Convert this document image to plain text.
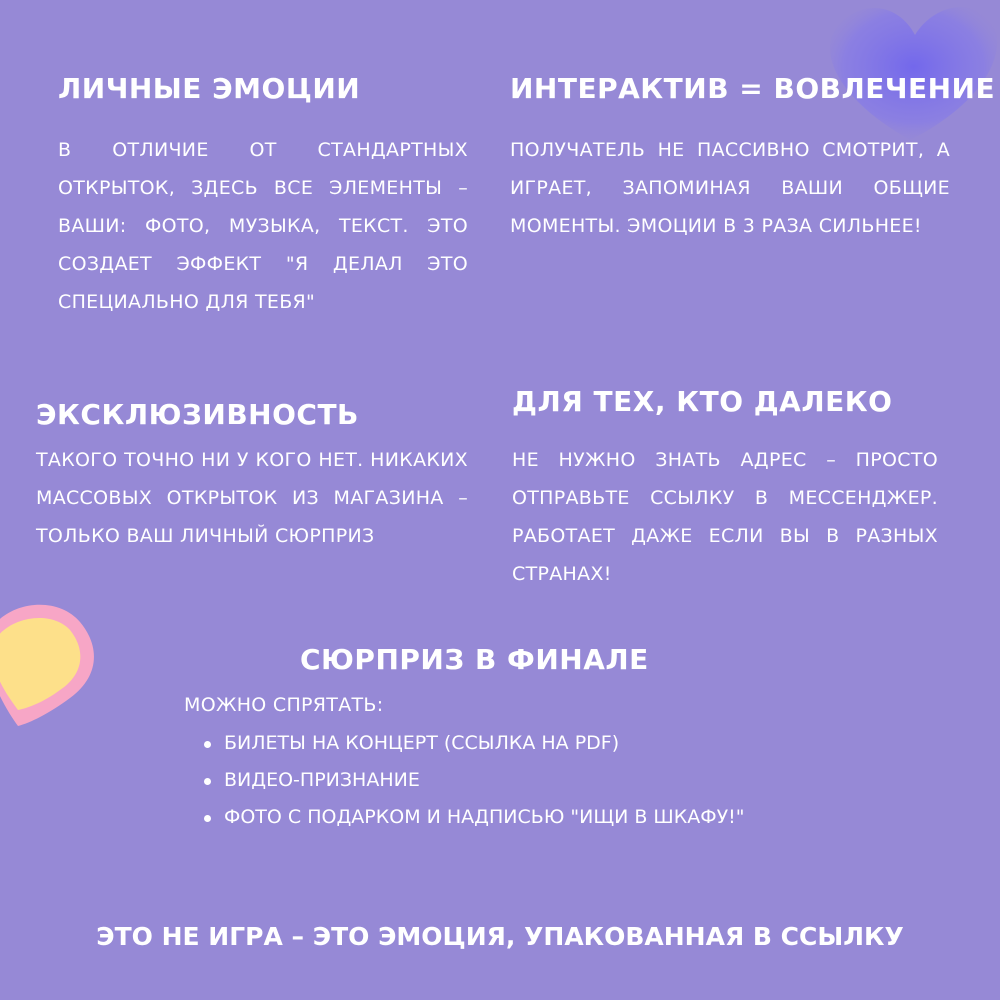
ЛИЧНЫЕ ЭМОЦИИ
В ОТЛИЧИЕ ОТ СТАНДАРТНЫХ ОТКРЫТОК, ЗДЕСЬ ВСЕ ЭЛЕМЕНТЫ – ВАШИ: ФОТО, МУЗЫКА, ТЕКСТ. ЭТО СОЗДАЕТ ЭФФЕКТ "Я ДЕЛАЛ ЭТО СПЕЦИАЛЬНО ДЛЯ ТЕБЯ"
ИНТЕРАКТИВ = ВОВЛЕЧЕНИЕ
ПОЛУЧАТЕЛЬ НЕ ПАССИВНО СМОТРИТ, А ИГРАЕТ, ЗАПОМИНАЯ ВАШИ ОБЩИЕ МОМЕНТЫ. ЭМОЦИИ В 3 РАЗА СИЛЬНЕЕ!
ЭКСКЛЮЗИВНОСТЬ
ТАКОГО ТОЧНО НИ У КОГО НЕТ. НИКАКИХ МАССОВЫХ ОТКРЫТОК ИЗ МАГАЗИНА – ТОЛЬКО ВАШ ЛИЧНЫЙ СЮРПРИЗ
ДЛЯ ТЕХ, КТО ДАЛЕКО
НЕ НУЖНО ЗНАТЬ АДРЕС – ПРОСТО ОТПРАВЬТЕ ССЫЛКУ В МЕССЕНДЖЕР. РАБОТАЕТ ДАЖЕ ЕСЛИ ВЫ В РАЗНЫХ СТРАНАХ!
СЮРПРИЗ В ФИНАЛЕ
МОЖНО СПРЯТАТЬ:
БИЛЕТЫ НА КОНЦЕРТ (ССЫЛКА НА PDF)
ВИДЕО-ПРИЗНАНИЕ
ФОТО С ПОДАРКОМ И НАДПИСЬЮ "ИЩИ В ШКАФУ!"
ЭТО НЕ ИГРА – ЭТО ЭМОЦИЯ, УПАКОВАННАЯ В ССЫЛКУ
